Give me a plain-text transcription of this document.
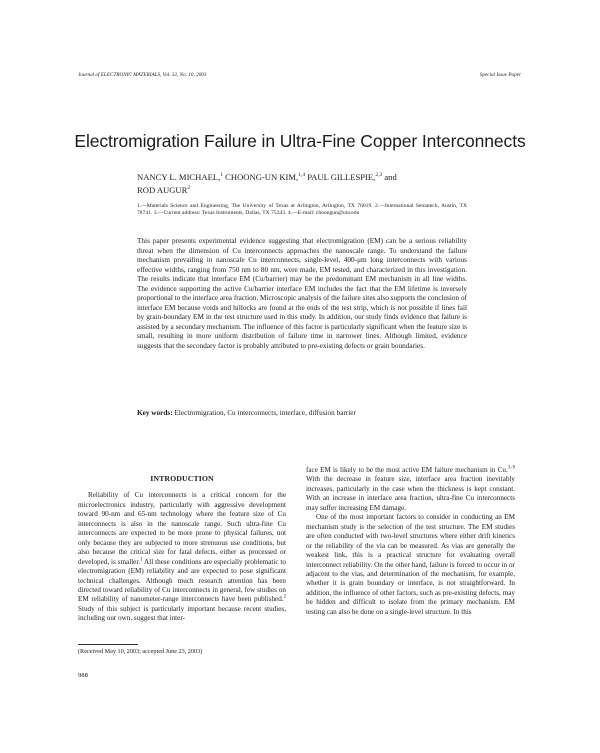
Journal of ELECTRONIC MATERIALS, Vol. 32, No. 10, 2003	Special Issue Paper
Electromigration Failure in Ultra-Fine Copper Interconnects
NANCY L. MICHAEL,$^1$ CHOONG-UN KIM,$^{1,4}$ PAUL GILLESPIE,$^{2,3}$ and
ROD AUGUR$^2$
1.—Materials Science and Engineering, The University of Texas at Arlington, Arlington, TX 76019. 2.—International Sematech, Austin, TX 78741. 3.—Current address: Texas Instruments, Dallas, TX 75243. 4.—E-mail: choongun@uta.edu

This paper presents experimental evidence suggesting that electromigration (EM) can be a serious reliability threat when the dimension of Cu interconnects approaches the nanoscale range. To understand the failure mechanism prevailing in nanoscale Cu interconnects, single-level, 400-μm long interconnects with various effective widths, ranging from 750 nm to 80 nm, were made, EM tested, and characterized in this investigation. The results indicate that interface EM (Cu/barrier) may be the predominant EM mechanism in all line widths. The evidence supporting the active Cu/barrier interface EM includes the fact that the EM lifetime is inversely proportional to the interface area fraction. Microscopic analysis of the failure sites also supports the conclusion of interface EM because voids and hillocks are found at the ends of the test strip, which is not possible if lines fail by grain-boundary EM in the test structure used in this study. In addition, our study finds evidence that failure is assisted by a secondary mechanism. The influence of this factor is particularly significant when the feature size is small, resulting in more uniform distribution of failure time in narrower lines. Although limited, evidence suggests that the secondary factor is probably attributed to pre-existing defects or grain boundaries.

Key words: Electromigration, Cu interconnects, interface, diffusion barrier
INTRODUCTION

Reliability of Cu interconnects is a critical concern for the microelectronics industry, particularly with aggressive development toward 90-nm and 65-nm technology where the feature size of Cu interconnects is also in the nanoscale range. Such ultra-fine Cu interconnects are expected to be more prone to physical failures, not only because they are subjected to more strenuous use conditions, but also because the critical size for fatal defects, either as processed or developed, is smaller.$^1$ All these conditions are especially problematic to electromigration (EM) reliability and are expected to pose significant technical challenges. Although much research attention has been directed toward reliability of Cu interconnects in general, few studies on EM reliability of nanometer-range interconnects have been published.$^2$ Study of this subject is particularly important because recent studies, including our own, suggest that inter-

face EM is likely to be the most active EM failure mechanism in Cu.$^{3-9}$ With the decrease in feature size, interface area fraction inevitably increases, particularly in the case when the thickness is kept constant. With an increase in interface area fraction, ultra-fine Cu interconnects may suffer increasing EM damage.

One of the most important factors to consider in conducting an EM mechanism study is the selection of the test structure. The EM studies are often conducted with two-level structures where either drift kinetics or the reliability of the via can be measured. As vias are generally the weakest link, this is a practical structure for evaluating overall interconnect reliability. On the other hand, failure is forced to occur in or adjacent to the vias, and determination of the mechanism, for example, whether it is grain boundary or interface, is not straightforward. In addition, the influence of other factors, such as pre-existing defects, may be hidden and difficult to isolate from the primary mechanism. EM testing can also be done on a single-level structure. In this

(Received May 10, 2003; accepted June 23, 2003)
988
